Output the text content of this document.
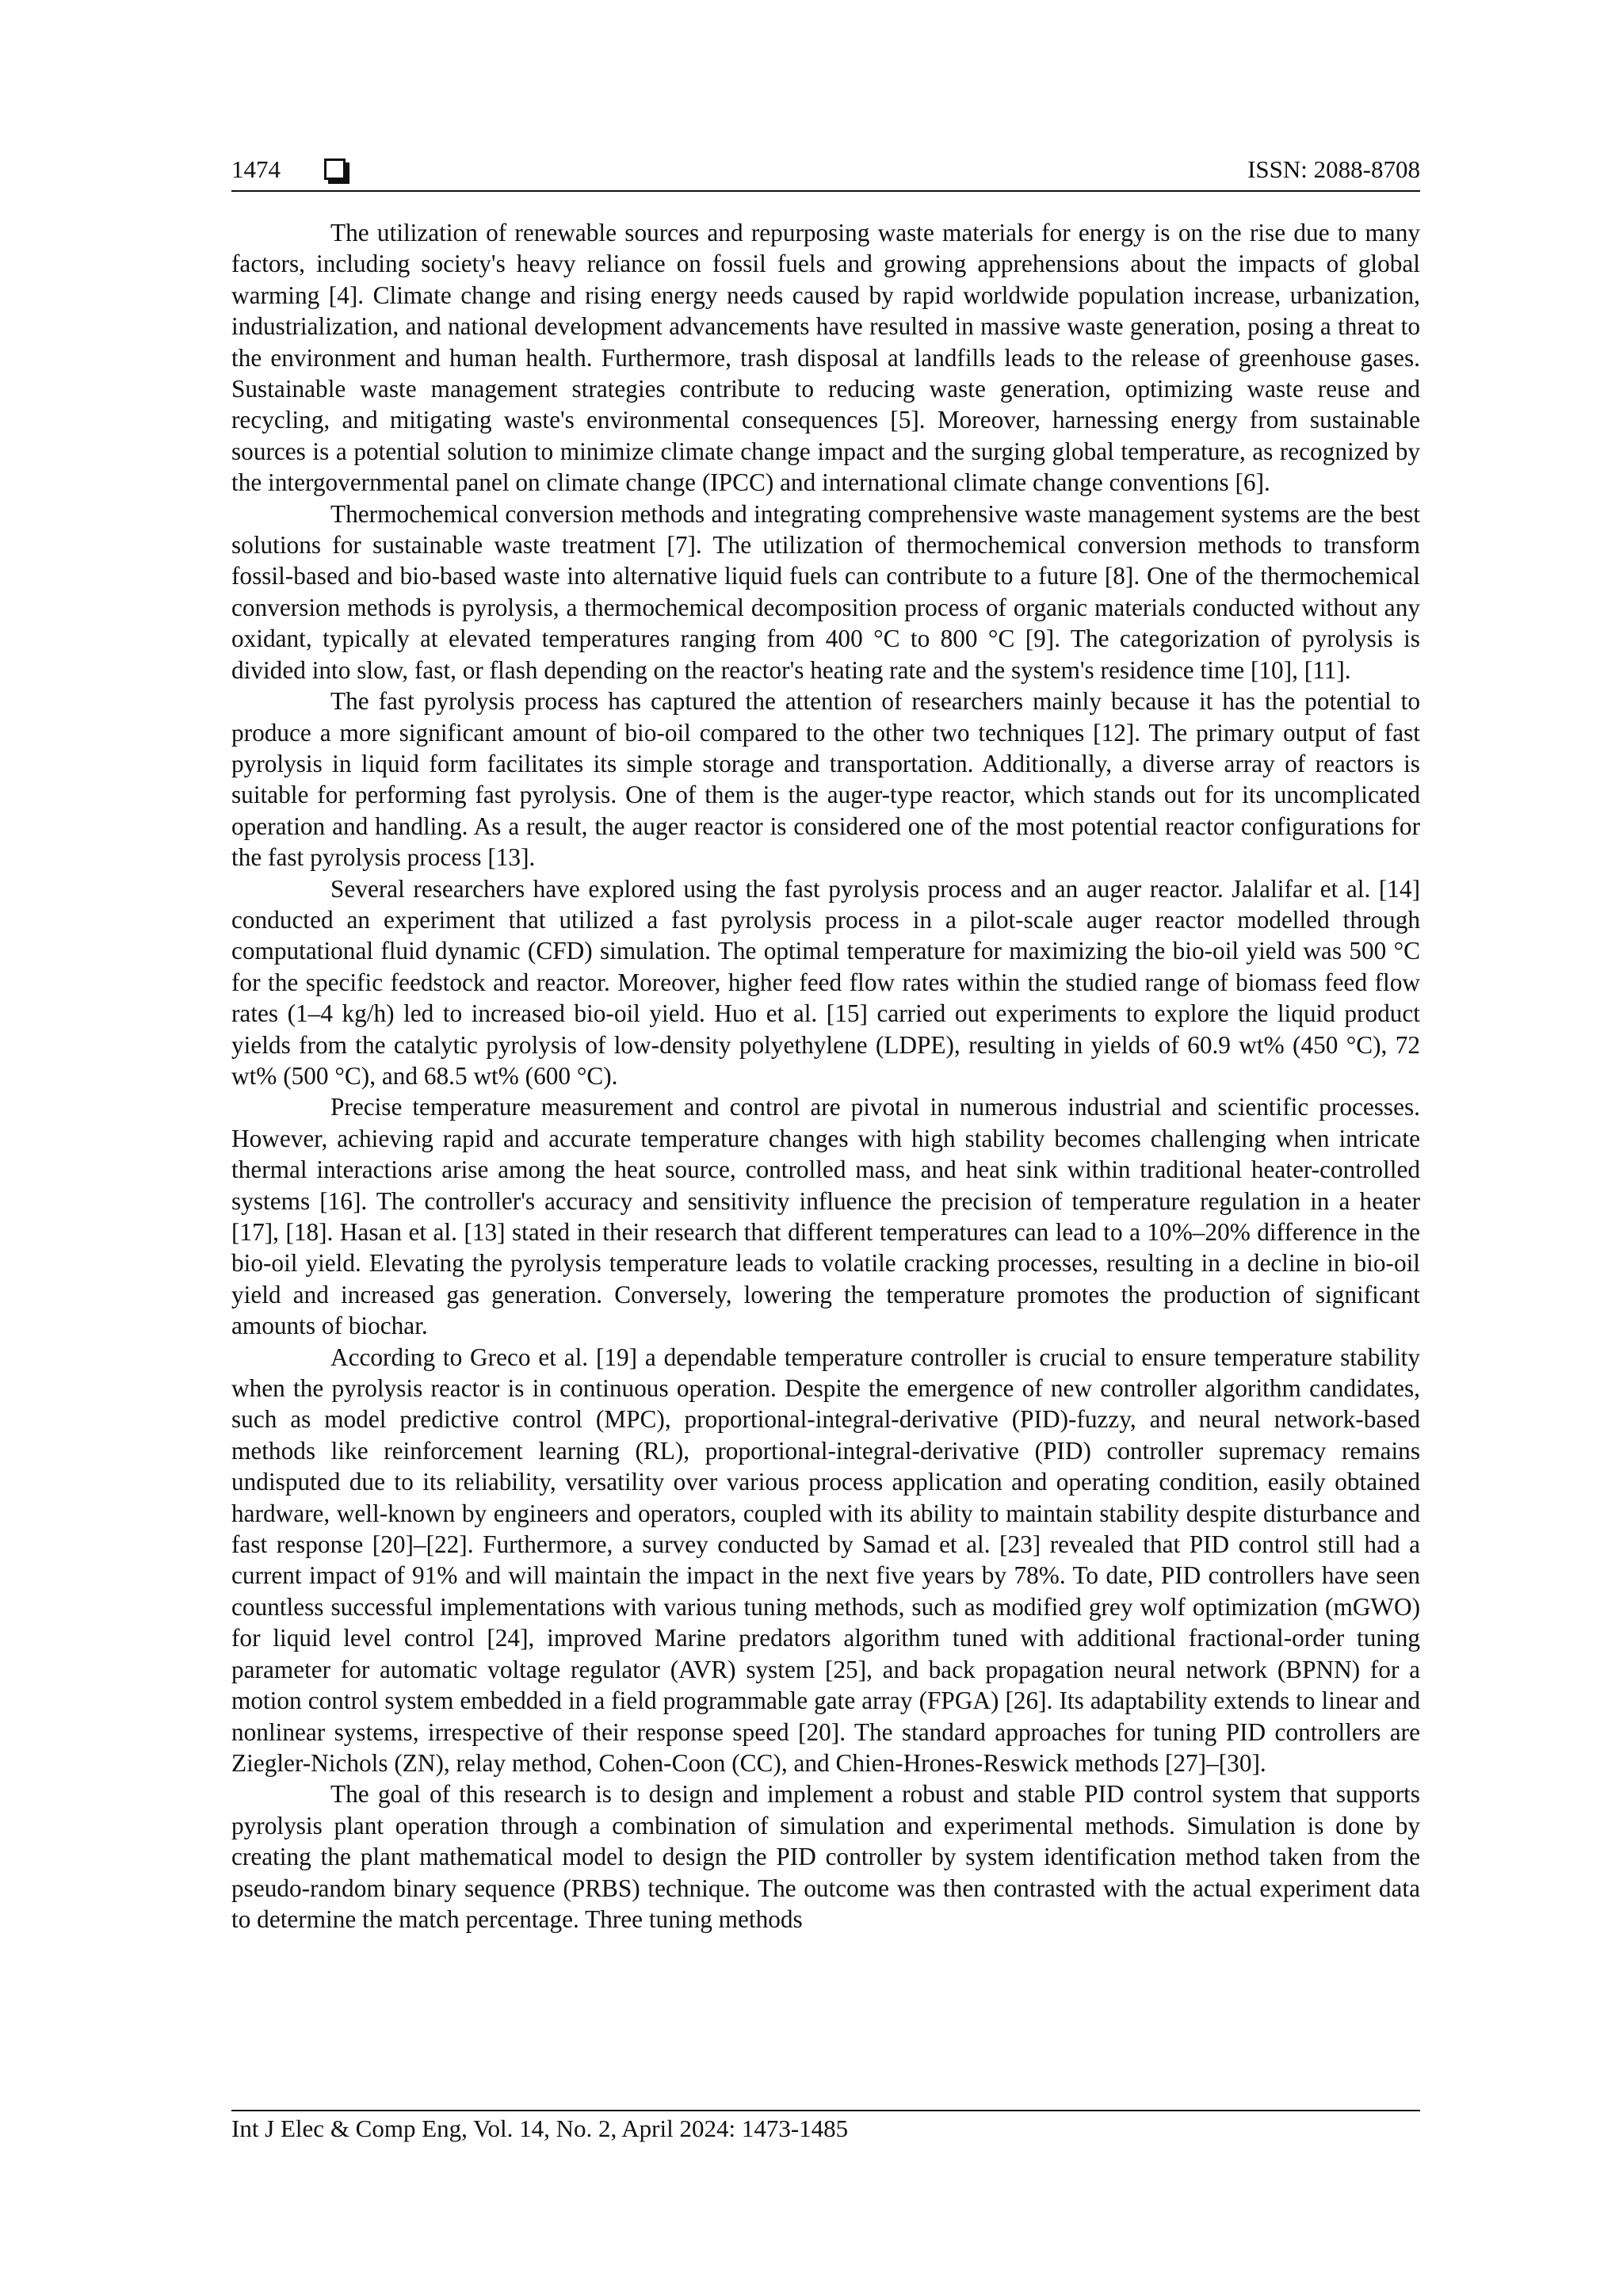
1474	ISSN: 2088-8708

The utilization of renewable sources and repurposing waste materials for energy is on the rise due to many factors, including society's heavy reliance on fossil fuels and growing apprehensions about the impacts of global warming [4]. Climate change and rising energy needs caused by rapid worldwide population increase, urbanization, industrialization, and national development advancements have resulted in massive waste generation, posing a threat to the environment and human health. Furthermore, trash disposal at landfills leads to the release of greenhouse gases. Sustainable waste management strategies contribute to reducing waste generation, optimizing waste reuse and recycling, and mitigating waste's environmental consequences [5]. Moreover, harnessing energy from sustainable sources is a potential solution to minimize climate change impact and the surging global temperature, as recognized by the intergovernmental panel on climate change (IPCC) and international climate change conventions [6].

Thermochemical conversion methods and integrating comprehensive waste management systems are the best solutions for sustainable waste treatment [7]. The utilization of thermochemical conversion methods to transform fossil-based and bio-based waste into alternative liquid fuels can contribute to a future [8]. One of the thermochemical conversion methods is pyrolysis, a thermochemical decomposition process of organic materials conducted without any oxidant, typically at elevated temperatures ranging from 400 °C to 800 °C [9]. The categorization of pyrolysis is divided into slow, fast, or flash depending on the reactor's heating rate and the system's residence time [10], [11].

The fast pyrolysis process has captured the attention of researchers mainly because it has the potential to produce a more significant amount of bio-oil compared to the other two techniques [12]. The primary output of fast pyrolysis in liquid form facilitates its simple storage and transportation. Additionally, a diverse array of reactors is suitable for performing fast pyrolysis. One of them is the auger-type reactor, which stands out for its uncomplicated operation and handling. As a result, the auger reactor is considered one of the most potential reactor configurations for the fast pyrolysis process [13].

Several researchers have explored using the fast pyrolysis process and an auger reactor. Jalalifar et al. [14] conducted an experiment that utilized a fast pyrolysis process in a pilot-scale auger reactor modelled through computational fluid dynamic (CFD) simulation. The optimal temperature for maximizing the bio-oil yield was 500 °C for the specific feedstock and reactor. Moreover, higher feed flow rates within the studied range of biomass feed flow rates (1–4 kg/h) led to increased bio-oil yield. Huo et al. [15] carried out experiments to explore the liquid product yields from the catalytic pyrolysis of low-density polyethylene (LDPE), resulting in yields of 60.9 wt% (450 °C), 72 wt% (500 °C), and 68.5 wt% (600 °C).

Precise temperature measurement and control are pivotal in numerous industrial and scientific processes. However, achieving rapid and accurate temperature changes with high stability becomes challenging when intricate thermal interactions arise among the heat source, controlled mass, and heat sink within traditional heater-controlled systems [16]. The controller's accuracy and sensitivity influence the precision of temperature regulation in a heater [17], [18]. Hasan et al. [13] stated in their research that different temperatures can lead to a 10%–20% difference in the bio-oil yield. Elevating the pyrolysis temperature leads to volatile cracking processes, resulting in a decline in bio-oil yield and increased gas generation. Conversely, lowering the temperature promotes the production of significant amounts of biochar.

According to Greco et al. [19] a dependable temperature controller is crucial to ensure temperature stability when the pyrolysis reactor is in continuous operation. Despite the emergence of new controller algorithm candidates, such as model predictive control (MPC), proportional-integral-derivative (PID)-fuzzy, and neural network-based methods like reinforcement learning (RL), proportional-integral-derivative (PID) controller supremacy remains undisputed due to its reliability, versatility over various process application and operating condition, easily obtained hardware, well-known by engineers and operators, coupled with its ability to maintain stability despite disturbance and fast response [20]–[22]. Furthermore, a survey conducted by Samad et al. [23] revealed that PID control still had a current impact of 91% and will maintain the impact in the next five years by 78%. To date, PID controllers have seen countless successful implementations with various tuning methods, such as modified grey wolf optimization (mGWO) for liquid level control [24], improved Marine predators algorithm tuned with additional fractional-order tuning parameter for automatic voltage regulator (AVR) system [25], and back propagation neural network (BPNN) for a motion control system embedded in a field programmable gate array (FPGA) [26]. Its adaptability extends to linear and nonlinear systems, irrespective of their response speed [20]. The standard approaches for tuning PID controllers are Ziegler-Nichols (ZN), relay method, Cohen-Coon (CC), and Chien-Hrones-Reswick methods [27]–[30].

The goal of this research is to design and implement a robust and stable PID control system that supports pyrolysis plant operation through a combination of simulation and experimental methods. Simulation is done by creating the plant mathematical model to design the PID controller by system identification method taken from the pseudo-random binary sequence (PRBS) technique. The outcome was then contrasted with the actual experiment data to determine the match percentage. Three tuning methods

Int J Elec & Comp Eng, Vol. 14, No. 2, April 2024: 1473-1485
